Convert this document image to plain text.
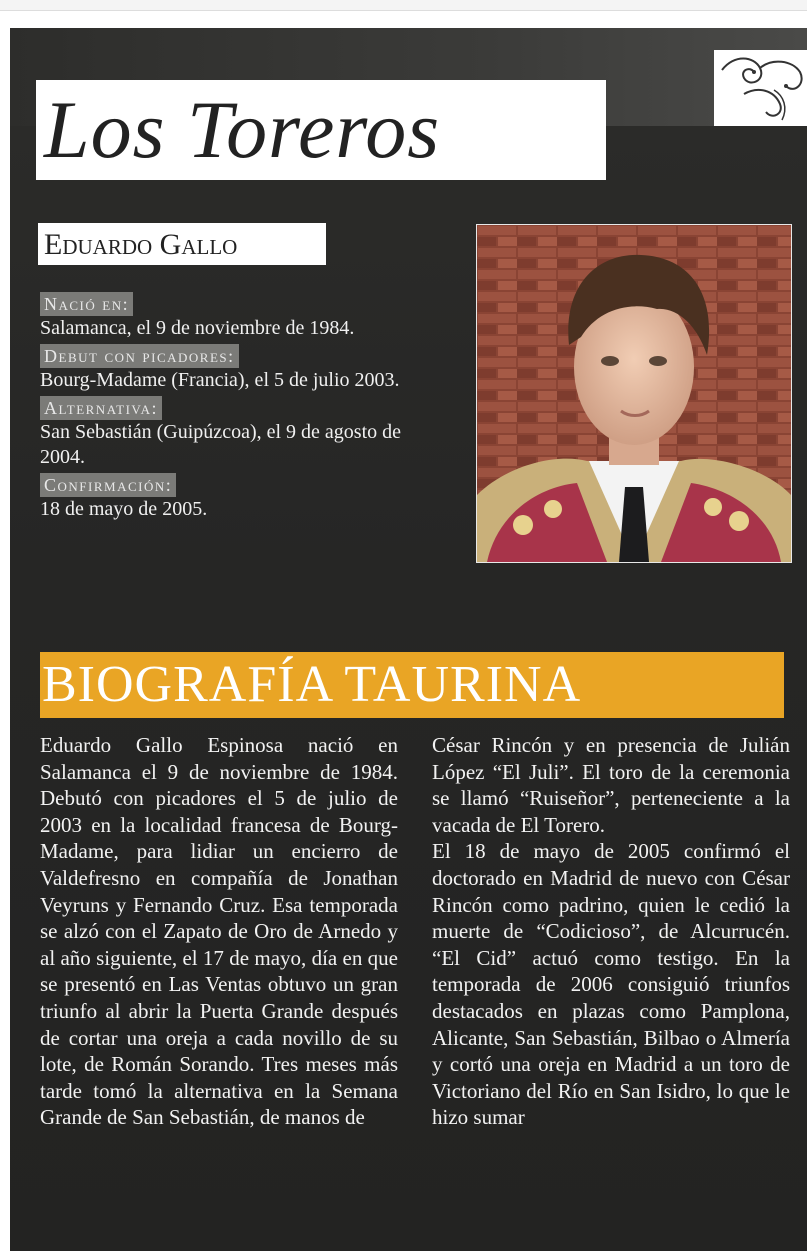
Los Toreros
Eduardo Gallo
Nació en:
Salamanca, el 9 de noviembre de 1984.
Debut con picadores:
Bourg-Madame (Francia), el 5 de julio 2003.
Alternativa:
San Sebastián (Guipúzcoa), el 9 de agosto de 2004.
Confirmación:
18 de mayo de 2005.
BIOGRAFÍA TAURINA

Eduardo Gallo Espinosa nació en Salamanca el 9 de noviembre de 1984. Debutó con picadores el 5 de julio de 2003 en la localidad francesa de Bourg-Madame, para lidiar un encierro de Valdefresno en compañía de Jonathan Veyruns y Fernando Cruz. Esa temporada se alzó con el Zapato de Oro de Arnedo y al año siguiente, el 17 de mayo, día en que se presentó en Las Ventas obtuvo un gran triunfo al abrir la Puerta Grande después de cortar una oreja a cada novillo de su lote, de Román Sorando. Tres meses más tarde tomó la alternativa en la Semana Grande de San Sebastián, de manos de

César Rincón y en presencia de Julián López “El Juli”. El toro de la ceremonia se llamó “Ruiseñor”, perteneciente a la vacada de El Torero.

El 18 de mayo de 2005 confirmó el doctorado en Madrid de nuevo con César Rincón como padrino, quien le cedió la muerte de “Codicioso”, de Alcurrucén. “El Cid” actuó como testigo. En la temporada de 2006 consiguió triunfos destacados en plazas como Pamplona, Alicante, San Sebastián, Bilbao o Almería y cortó una oreja en Madrid a un toro de Victoriano del Río en San Isidro, lo que le hizo sumar
